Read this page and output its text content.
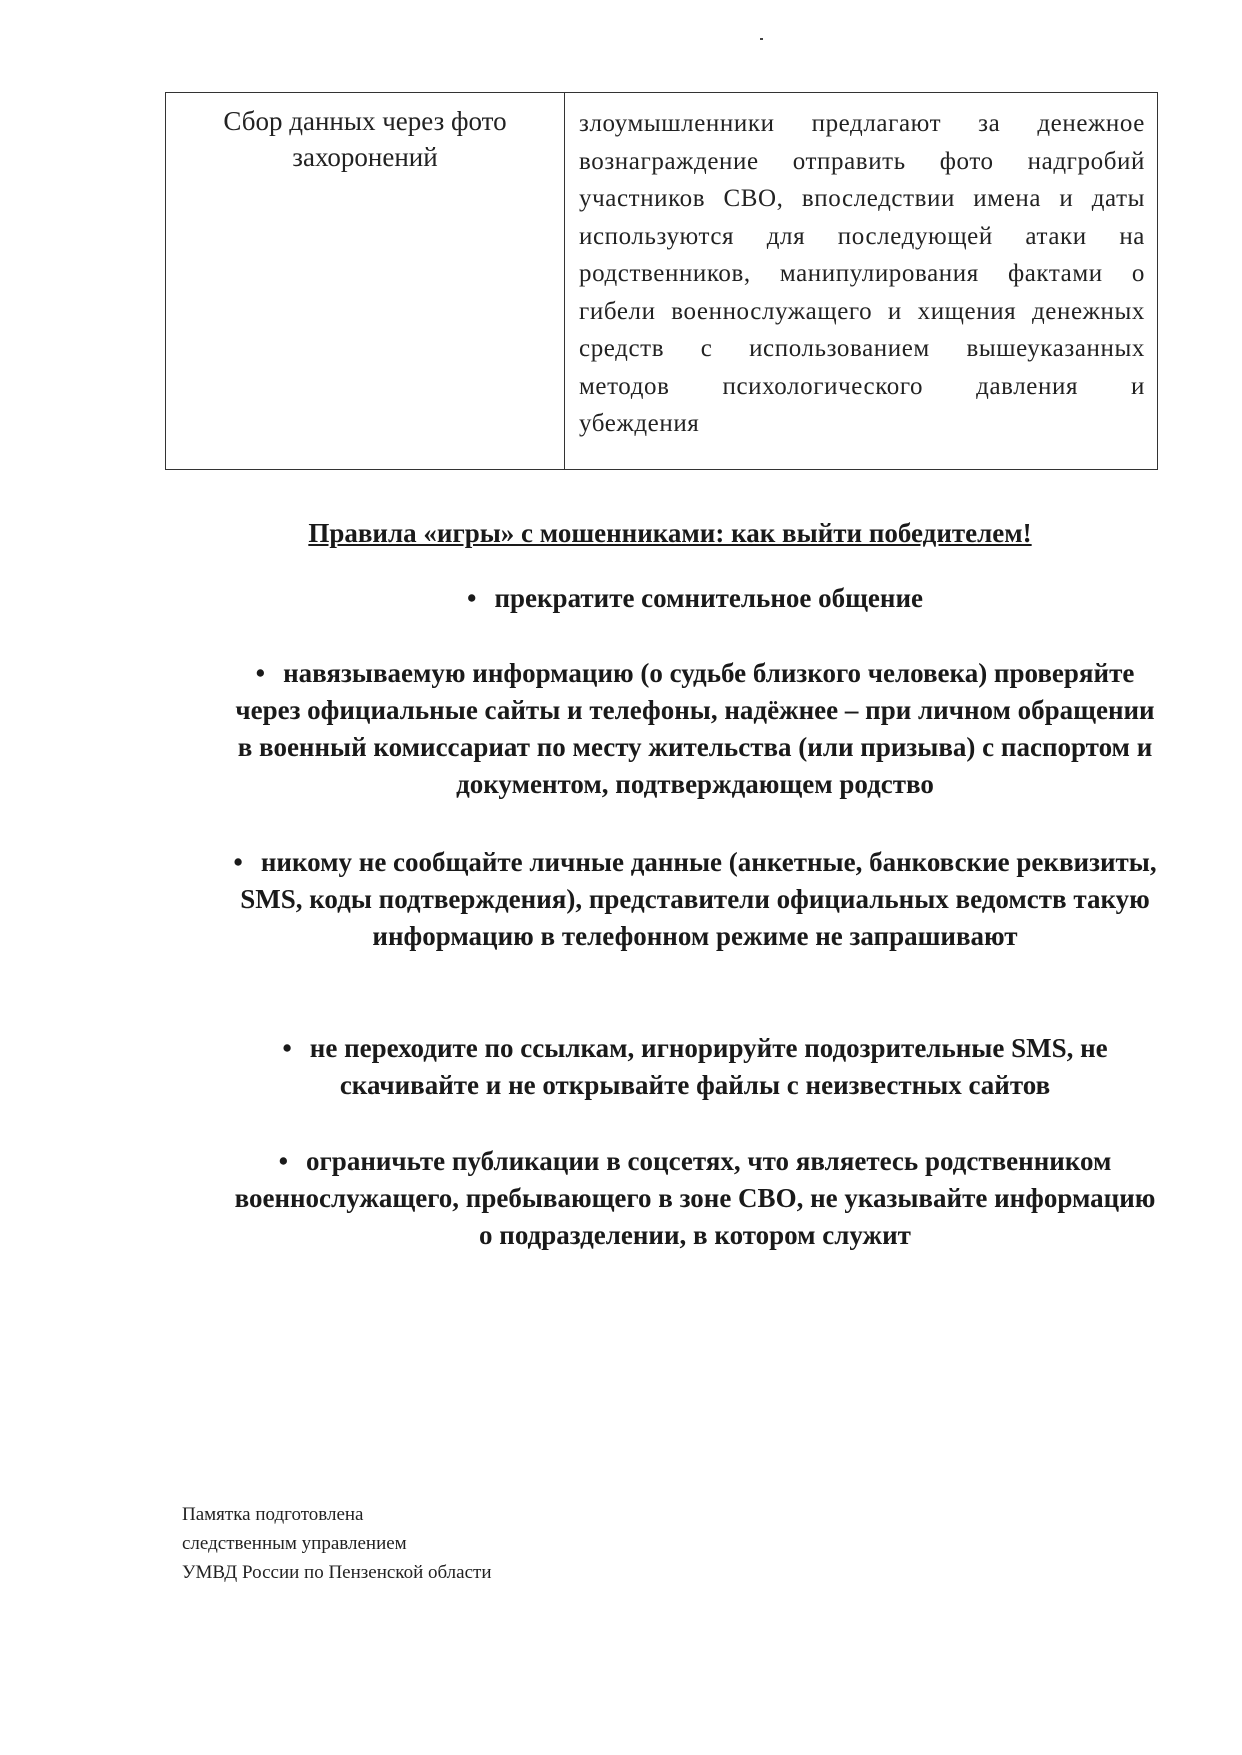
Сбор данных через фото захоронений	злоумышленники предлагают за денежное вознаграждение отправить фото надгробий участников СВО, впоследствии имена и даты используются для последующей атаки на родственников, манипулирования фактами о гибели военнослужащего и хищения денежных средств с использованием вышеуказанных методов психологического давления и убеждения
Правила «игры» с мошенниками: как выйти победителем!

• прекратите сомнительное общение

• навязываемую информацию (о судьбе близкого человека) проверяйте через официальные сайты и телефоны, надёжнее – при личном обращении в военный комиссариат по месту жительства (или призыва) с паспортом и документом, подтверждающем родство

• никому не сообщайте личные данные (анкетные, банковские реквизиты, SMS, коды подтверждения), представители официальных ведомств такую информацию в телефонном режиме не запрашивают

• не переходите по ссылкам, игнорируйте подозрительные SMS, не скачивайте и не открывайте файлы с неизвестных сайтов

• ограничьте публикации в соцсетях, что являетесь родственником военнослужащего, пребывающего в зоне СВО, не указывайте информацию о подразделении, в котором служит

Памятка подготовлена
следственным управлением
УМВД России по Пензенской области
